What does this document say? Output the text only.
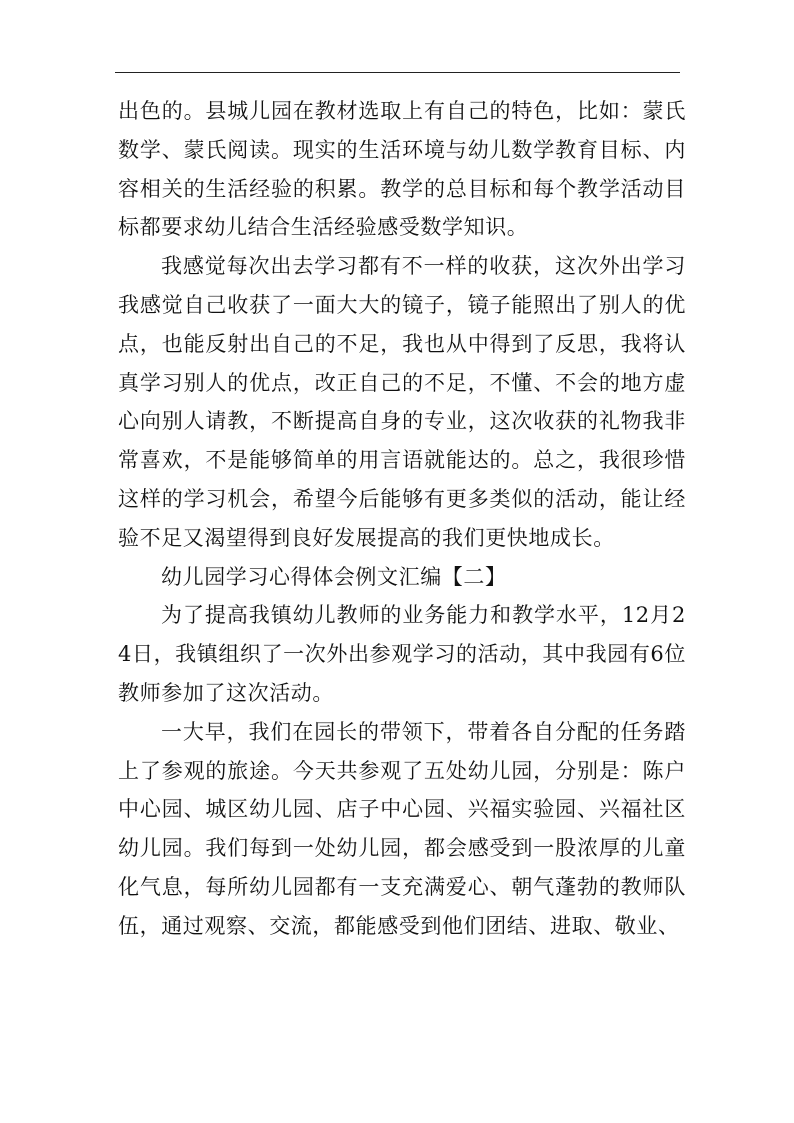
出色的。县城儿园在教材选取上有自己的特色，比如：蒙氏数学、蒙氏阅读。现实的生活环境与幼儿数学教育目标、内容相关的生活经验的积累。教学的总目标和每个教学活动目标都要求幼儿结合生活经验感受数学知识。

我感觉每次出去学习都有不一样的收获，这次外出学习我感觉自己收获了一面大大的镜子，镜子能照出了别人的优点，也能反射出自己的不足，我也从中得到了反思，我将认真学习别人的优点，改正自己的不足，不懂、不会的地方虚心向别人请教，不断提高自身的专业，这次收获的礼物我非常喜欢，不是能够简单的用言语就能达的。总之，我很珍惜这样的学习机会，希望今后能够有更多类似的活动，能让经验不足又渴望得到良好发展提高的我们更快地成长。

幼儿园学习心得体会例文汇编【二】

为了提高我镇幼儿教师的业务能力和教学水平，12月24日，我镇组织了一次外出参观学习的活动，其中我园有6位教师参加了这次活动。

一大早，我们在园长的带领下，带着各自分配的任务踏上了参观的旅途。今天共参观了五处幼儿园，分别是：陈户中心园、城区幼儿园、店子中心园、兴福实验园、兴福社区幼儿园。我们每到一处幼儿园，都会感受到一股浓厚的儿童化气息，每所幼儿园都有一支充满爱心、朝气蓬勃的教师队伍，通过观察、交流，都能感受到他们团结、进取、敬业、
